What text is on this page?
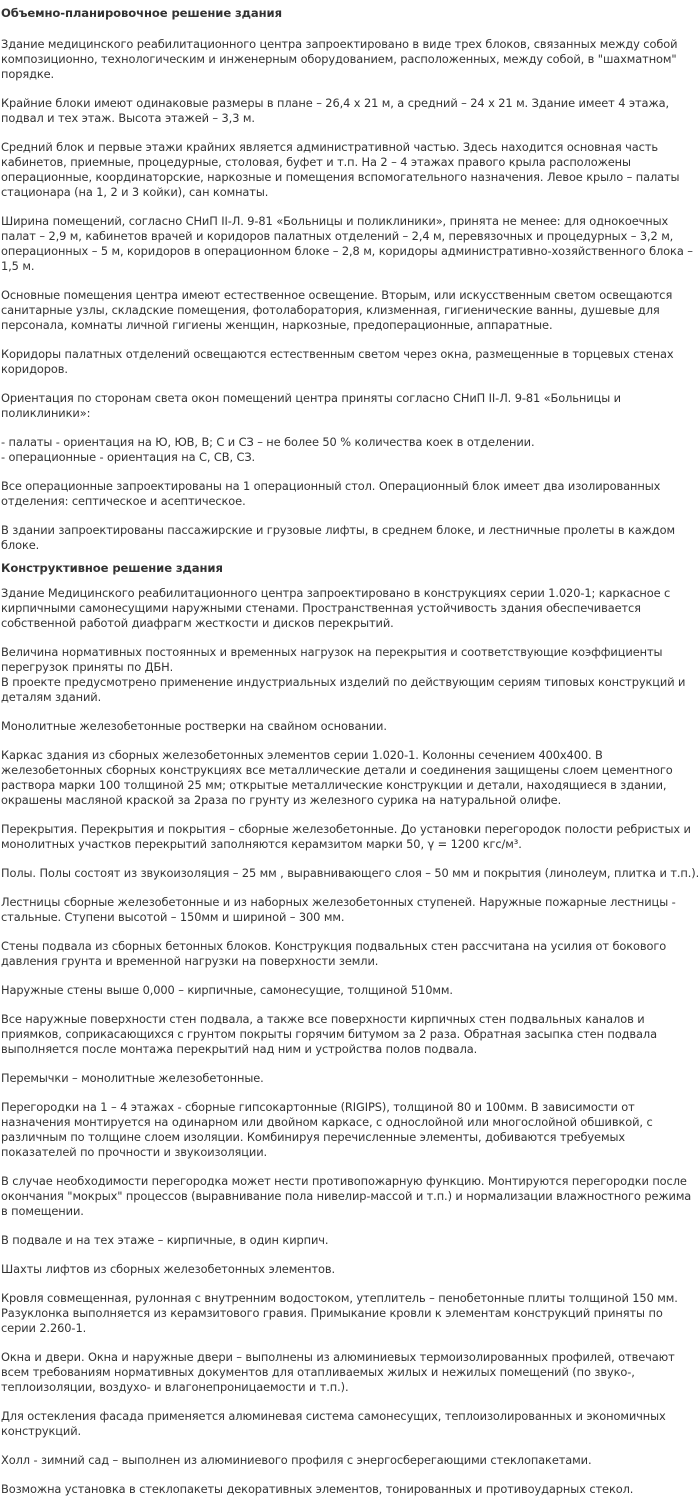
Объемно-планировочное решение здания

Здание медицинского реабилитационного центра запроектировано в виде трех блоков, связанных между собой композиционно, технологическим и инженерным оборудованием, расположенных, между собой, в "шахматном" порядке.

Крайние блоки имеют одинаковые размеры в плане – 26,4 х 21 м, а средний – 24 х 21 м. Здание имеет 4 этажа, подвал и тех этаж. Высота этажей – 3,3 м.

Средний блок и первые этажи крайних является административной частью. Здесь находится основная часть кабинетов, приемные, процедурные, столовая, буфет и т.п. На 2 – 4 этажах правого крыла расположены операционные, координаторские, наркозные и помещения вспомогательного назначения. Левое крыло – палаты стационара (на 1, 2 и 3 койки), сан комнаты.

Ширина помещений, согласно СНиП II-Л. 9-81 «Больницы и поликлиники», принята не менее: для однокоечных палат – 2,9 м, кабинетов врачей и коридоров палатных отделений – 2,4 м, перевязочных и процедурных – 3,2 м, операционных – 5 м, коридоров в операционном блоке – 2,8 м, коридоры административно-хозяйственного блока – 1,5 м.

Основные помещения центра имеют естественное освещение. Вторым, или искусственным светом освещаются санитарные узлы, складские помещения, фотолаборатория, клизменная, гигиенические ванны, душевые для персонала, комнаты личной гигиены женщин, наркозные, предоперационные, аппаратные.

Коридоры палатных отделений освещаются естественным светом через окна, размещенные в торцевых стенах коридоров.

Ориентация по сторонам света окон помещений центра приняты согласно СНиП II-Л. 9-81 «Больницы и поликлиники»:

- палаты - ориентация на Ю, ЮВ, В; С и СЗ – не более 50 % количества коек в отделении.
- операционные - ориентация на С, СВ, СЗ.

Все операционные запроектированы на 1 операционный стол. Операционный блок имеет два изолированных отделения: септическое и асептическое.

В здании запроектированы пассажирские и грузовые лифты, в среднем блоке, и лестничные пролеты в каждом блоке.

Конструктивное решение здания

Здание Медицинского реабилитационного центра запроектировано в конструкциях серии 1.020-1; каркасное с кирпичными самонесущими наружными стенами. Пространственная устойчивость здания обеспечивается собственной работой диафрагм жесткости и дисков перекрытий.

Величина нормативных постоянных и временных нагрузок на перекрытия и соответствующие коэффициенты перегрузок приняты по ДБН.
В проекте предусмотрено применение индустриальных изделий по действующим сериям типовых конструкций и деталям зданий.

Монолитные железобетонные ростверки на свайном основании.

Каркас здания из сборных железобетонных элементов серии 1.020-1. Колонны сечением 400х400. В железобетонных сборных конструкциях все металлические детали и соединения защищены слоем цементного раствора марки 100 толщиной 25 мм; открытые металлические конструкции и детали, находящиеся в здании, окрашены масляной краской за 2раза по грунту из железного сурика на натуральной олифе.

Перекрытия. Перекрытия и покрытия – сборные железобетонные. До установки перегородок полости ребристых и монолитных участков перекрытий заполняются керамзитом марки 50, γ = 1200 кгс/м³.

Полы. Полы состоят из звукоизоляция – 25 мм , выравнивающего слоя – 50 мм и покрытия (линолеум, плитка и т.п.).

Лестницы сборные железобетонные и из наборных железобетонных ступеней. Наружные пожарные лестницы - стальные. Ступени высотой – 150мм и шириной – 300 мм.

Стены подвала из сборных бетонных блоков. Конструкция подвальных стен рассчитана на усилия от бокового давления грунта и временной нагрузки на поверхности земли.

Наружные стены выше 0,000 – кирпичные, самонесущие, толщиной 510мм.

Все наружные поверхности стен подвала, а также все поверхности кирпичных стен подвальных каналов и приямков, соприкасающихся с грунтом покрыты горячим битумом за 2 раза. Обратная засыпка стен подвала выполняется после монтажа перекрытий над ним и устройства полов подвала.

Перемычки – монолитные железобетонные.

Перегородки на 1 – 4 этажах - сборные гипсокартонные (RIGIPS), толщиной 80 и 100мм. В зависимости от назначения монтируется на одинарном или двойном каркасе, с однослойной или многослойной обшивкой, с различным по толщине слоем изоляции. Комбинируя перечисленные элементы, добиваются требуемых показателей по прочности и звукоизоляции.

В случае необходимости перегородка может нести противопожарную функцию. Монтируются перегородки после окончания "мокрых" процессов (выравнивание пола нивелир-массой и т.п.) и нормализации влажностного режима в помещении.

В подвале и на тех этаже – кирпичные, в один кирпич.

Шахты лифтов из сборных железобетонных элементов.

Кровля совмещенная, рулонная с внутренним водостоком, утеплитель – пенобетонные плиты толщиной 150 мм. Разуклонка выполняется из керамзитового гравия. Примыкание кровли к элементам конструкций приняты по серии 2.260-1.

Окна и двери. Окна и наружные двери – выполнены из алюминиевых термоизолированных профилей, отвечают всем требованиям нормативных документов для отапливаемых жилых и нежилых помещений (по звуко-, теплоизоляции, воздухо- и влагонепроницаемости и т.п.).

Для остекления фасада применяется алюминевая система самонесущих, теплоизолированных и экономичных конструкций.

Холл - зимний сад – выполнен из алюминиевого профиля с энергосберегающими стеклопакетами.

Возможна установка в стеклопакеты декоративных элементов, тонированных и противоударных стекол.
